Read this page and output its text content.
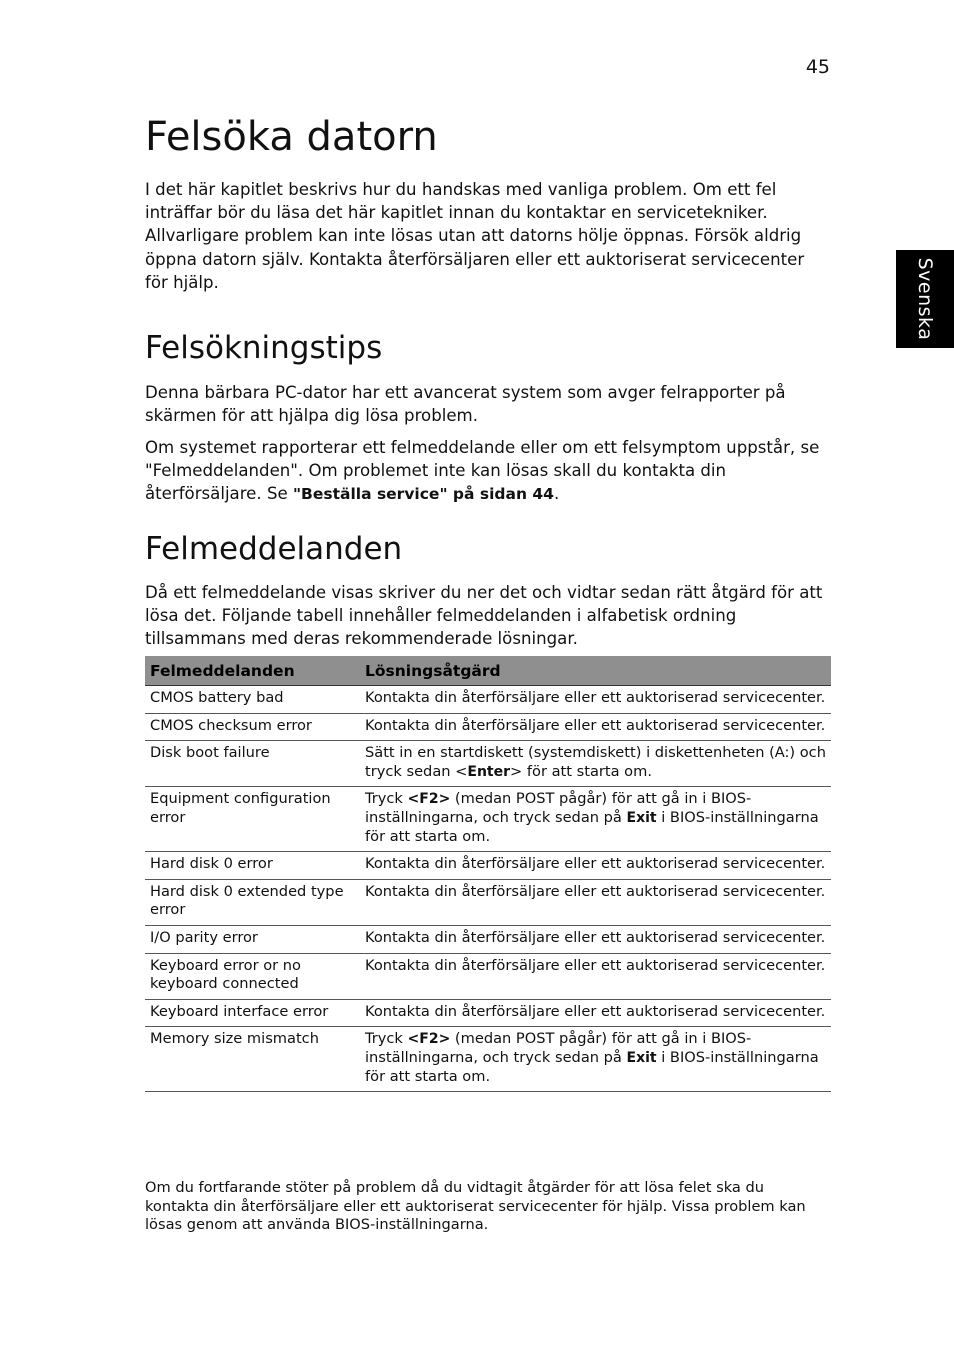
45
Svenska
Felsöka datorn

I det här kapitlet beskrivs hur du handskas med vanliga problem. Om ett fel inträffar bör du läsa det här kapitlet innan du kontaktar en servicetekniker. Allvarligare problem kan inte lösas utan att datorns hölje öppnas. Försök aldrig öppna datorn själv. Kontakta återförsäljaren eller ett auktoriserat servicecenter för hjälp.

Felsökningstips

Denna bärbara PC-dator har ett avancerat system som avger felrapporter på skärmen för att hjälpa dig lösa problem.

Om systemet rapporterar ett felmeddelande eller om ett felsymptom uppstår, se "Felmeddelanden". Om problemet inte kan lösas skall du kontakta din återförsäljare. Se "Beställa service" på sidan 44.

Felmeddelanden

Då ett felmeddelande visas skriver du ner det och vidtar sedan rätt åtgärd för att lösa det. Följande tabell innehåller felmeddelanden i alfabetisk ordning tillsammans med deras rekommenderade lösningar.

Felmeddelanden	Lösningsåtgärd
CMOS battery bad	Kontakta din återförsäljare eller ett auktoriserad servicecenter.
CMOS checksum error	Kontakta din återförsäljare eller ett auktoriserad servicecenter.
Disk boot failure	Sätt in en startdiskett (systemdiskett) i diskettenheten (A:) och tryck sedan <Enter> för att starta om.
Equipment configuration error	Tryck <F2> (medan POST pågår) för att gå in i BIOS-inställningarna, och tryck sedan på Exit i BIOS-inställningarna för att starta om.
Hard disk 0 error	Kontakta din återförsäljare eller ett auktoriserad servicecenter.
Hard disk 0 extended type error	Kontakta din återförsäljare eller ett auktoriserad servicecenter.
I/O parity error	Kontakta din återförsäljare eller ett auktoriserad servicecenter.
Keyboard error or no keyboard connected	Kontakta din återförsäljare eller ett auktoriserad servicecenter.
Keyboard interface error	Kontakta din återförsäljare eller ett auktoriserad servicecenter.
Memory size mismatch	Tryck <F2> (medan POST pågår) för att gå in i BIOS-inställningarna, och tryck sedan på Exit i BIOS-inställningarna för att starta om.

Om du fortfarande stöter på problem då du vidtagit åtgärder för att lösa felet ska du kontakta din återförsäljare eller ett auktoriserat servicecenter för hjälp. Vissa problem kan lösas genom att använda BIOS-inställningarna.
